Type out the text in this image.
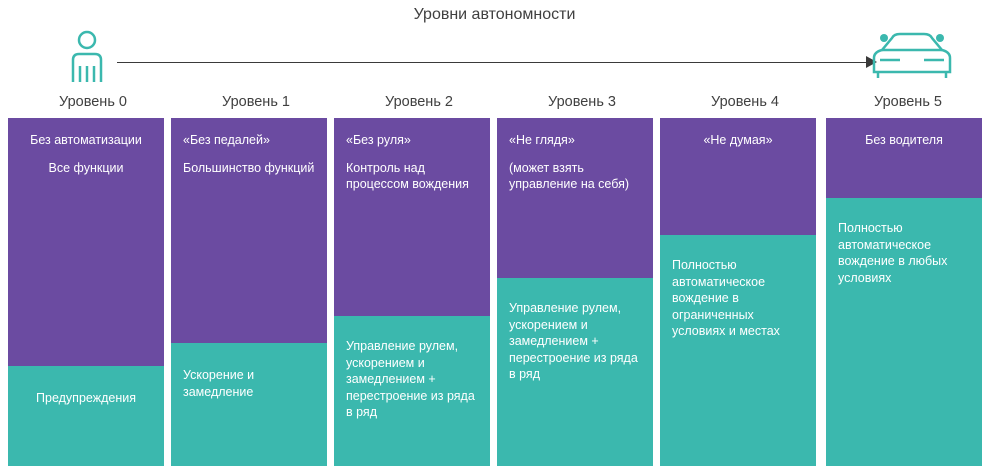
Уровни автономности
Уровень 0

Без автоматизации

Все функции

Предупреждения

Уровень 1

«Без педалей»

Большинство функций

Ускорение и замедление

Уровень 2

«Без руля»

Контроль над процессом вождения

Управление рулем, ускорением и замедлением + перестроение из ряда в ряд

Уровень 3

«Не глядя»

(может взять управление на себя)

Управление рулем, ускорением и замедлением + перестроение из ряда в ряд

Уровень 4

«Не думая»

Полностью автоматическое вождение в ограниченных условиях и местах

Уровень 5

Без водителя

Полностью автоматическое вождение в любых условиях
